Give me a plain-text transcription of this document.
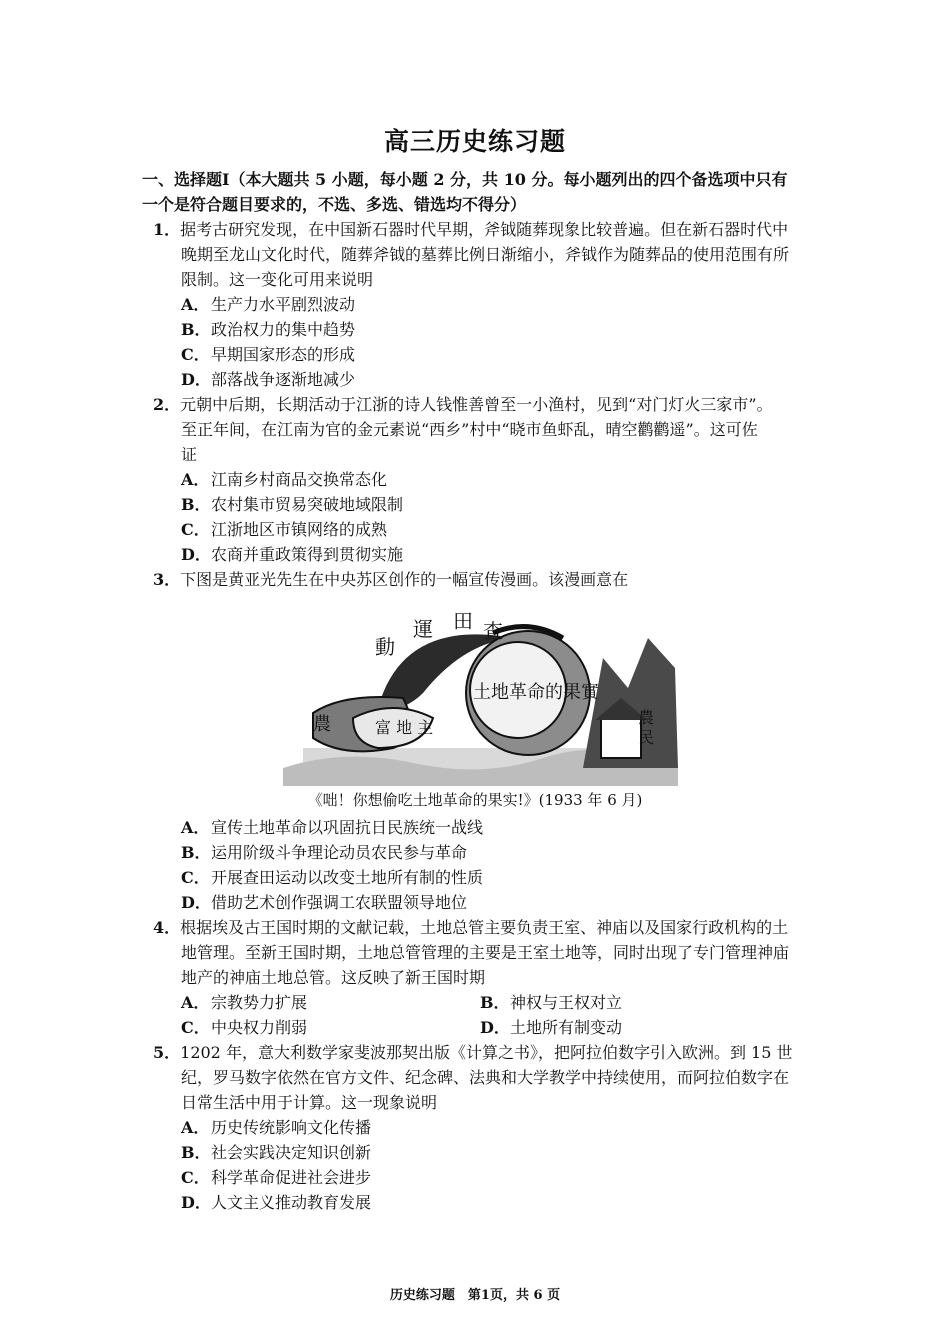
高三历史练习题
一、选择题Ⅰ（本大题共 5 小题，每小题 2 分，共 10 分。每小题列出的四个备选项中只有
一个是符合题目要求的，不选、多选、错选均不得分）
1．据考古研究发现，在中国新石器时代早期，斧钺随葬现象比较普遍。但在新石器时代中
晚期至龙山文化时代，随葬斧钺的墓葬比例日渐缩小，斧钺作为随葬品的使用范围有所
限制。这一变化可用来说明
A．生产力水平剧烈波动
B．政治权力的集中趋势
C．早期国家形态的形成
D．部落战争逐渐地减少
2．元朝中后期，长期活动于江浙的诗人钱惟善曾至一小渔村，见到“对门灯火三家市”。
至正年间，在江南为官的金元素说“西乡”村中“晓市鱼虾乱，晴空鹳鹳遥”。这可佐
证
A．江南乡村商品交换常态化
B．农村集市贸易突破地域限制
C．江浙地区市镇网络的成熟
D．农商并重政策得到贯彻实施
3．下图是黄亚光先生在中央苏区创作的一幅宣传漫画。该漫画意在
查
田
運
動
土地革命的果實
農	富 地 主
農
民
《咄！你想偷吃土地革命的果实!》(1933 年 6 月)
A．宣传土地革命以巩固抗日民族统一战线
B．运用阶级斗争理论动员农民参与革命
C．开展查田运动以改变土地所有制的性质
D．借助艺术创作强调工农联盟领导地位
4．根据埃及古王国时期的文献记载，土地总管主要负责王室、神庙以及国家行政机构的土
地管理。至新王国时期，土地总管管理的主要是王室土地等，同时出现了专门管理神庙
地产的神庙土地总管。这反映了新王国时期
A．宗教势力扩展	B．神权与王权对立
C．中央权力削弱	D．土地所有制变动
5．1202 年，意大利数学家斐波那契出版《计算之书》，把阿拉伯数字引入欧洲。到 15 世
纪，罗马数字依然在官方文件、纪念碑、法典和大学教学中持续使用，而阿拉伯数字在
日常生活中用于计算。这一现象说明
A．历史传统影响文化传播
B．社会实践决定知识创新
C．科学革命促进社会进步
D．人文主义推动教育发展
历史练习题　第1页，共 6 页
